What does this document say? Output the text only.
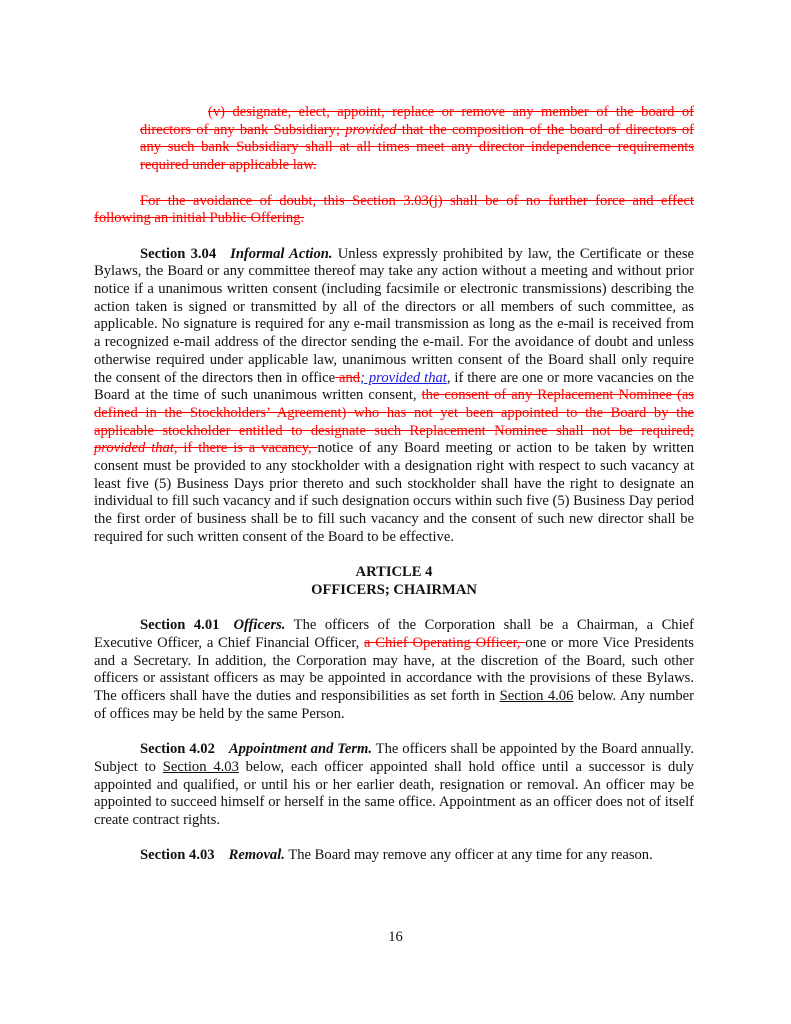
(v) designate, elect, appoint, replace or remove any member of the board of directors of any bank Subsidiary; provided that the composition of the board of directors of any such bank Subsidiary shall at all times meet any director independence requirements required under applicable law.

For the avoidance of doubt, this Section 3.03(j) shall be of no further force and effect following an initial Public Offering.

Section 3.04 Informal Action. Unless expressly prohibited by law, the Certificate or these Bylaws, the Board or any committee thereof may take any action without a meeting and without prior notice if a unanimous written consent (including facsimile or electronic transmissions) describing the action taken is signed or transmitted by all of the directors or all members of such committee, as applicable. No signature is required for any e-mail transmission as long as the e-mail is received from a recognized e-mail address of the director sending the e-mail. For the avoidance of doubt and unless otherwise required under applicable law, unanimous written consent of the Board shall only require the consent of the directors then in office and; provided that, if there are one or more vacancies on the Board at the time of such unanimous written consent, the consent of any Replacement Nominee (as defined in the Stockholders’ Agreement) who has not yet been appointed to the Board by the applicable stockholder entitled to designate such Replacement Nominee shall not be required; provided that, if there is a vacancy, notice of any Board meeting or action to be taken by written consent must be provided to any stockholder with a designation right with respect to such vacancy at least five (5) Business Days prior thereto and such stockholder shall have the right to designate an individual to fill such vacancy and if such designation occurs within such five (5) Business Day period the first order of business shall be to fill such vacancy and the consent of such new director shall be required for such written consent of the Board to be effective.

ARTICLE 4

OFFICERS; CHAIRMAN

Section 4.01 Officers. The officers of the Corporation shall be a Chairman, a Chief Executive Officer, a Chief Financial Officer, a Chief Operating Officer, one or more Vice Presidents and a Secretary. In addition, the Corporation may have, at the discretion of the Board, such other officers or assistant officers as may be appointed in accordance with the provisions of these Bylaws. The officers shall have the duties and responsibilities as set forth in Section 4.06 below. Any number of offices may be held by the same Person.

Section 4.02 Appointment and Term. The officers shall be appointed by the Board annually. Subject to Section 4.03 below, each officer appointed shall hold office until a successor is duly appointed and qualified, or until his or her earlier death, resignation or removal. An officer may be appointed to succeed himself or herself in the same office. Appointment as an officer does not of itself create contract rights.

Section 4.03 Removal. The Board may remove any officer at any time for any reason.

16
